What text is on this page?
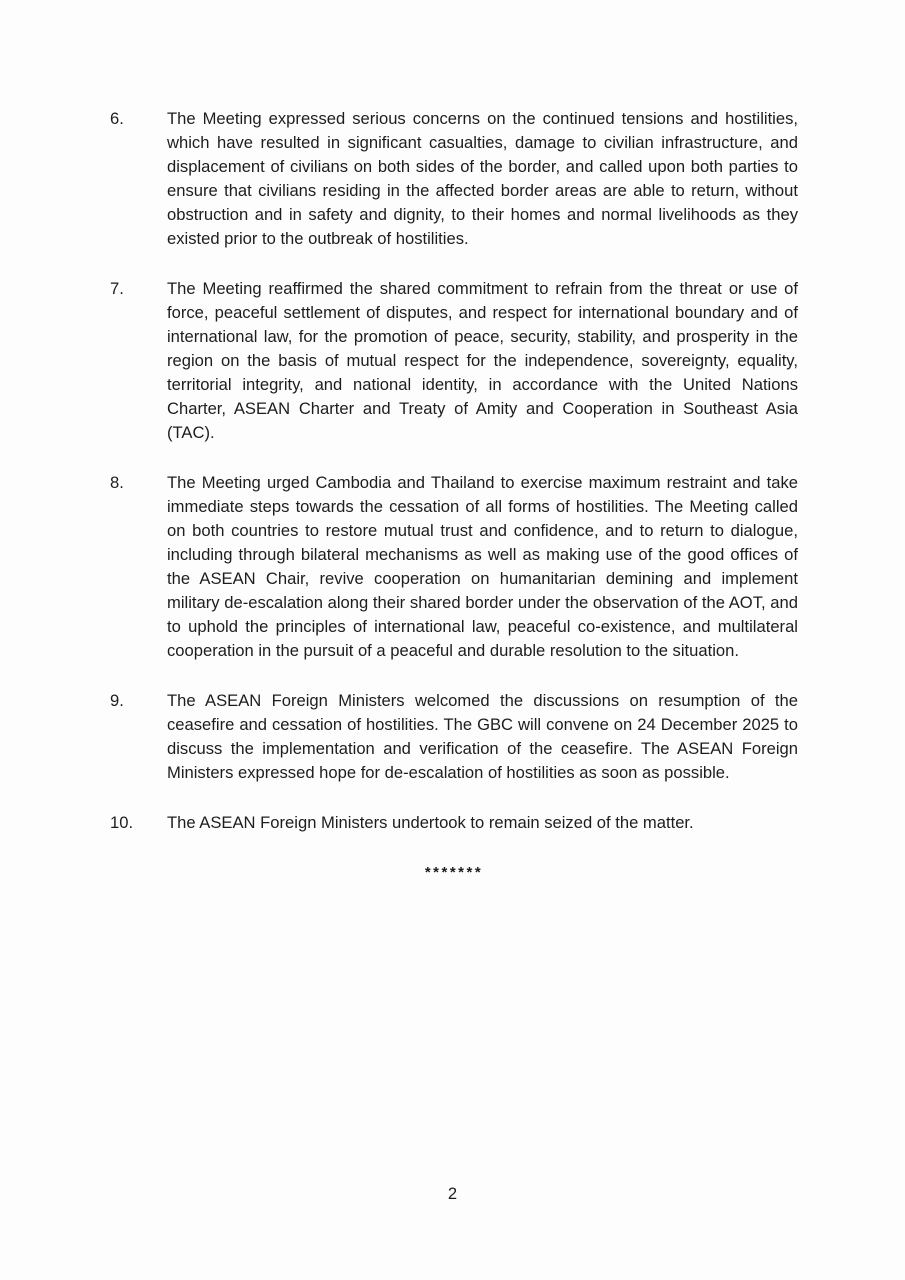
6.	The Meeting expressed serious concerns on the continued tensions and hostilities, which have resulted in significant casualties, damage to civilian infrastructure, and displacement of civilians on both sides of the border, and called upon both parties to ensure that civilians residing in the affected border areas are able to return, without obstruction and in safety and dignity, to their homes and normal livelihoods as they existed prior to the outbreak of hostilities.
7.	The Meeting reaffirmed the shared commitment to refrain from the threat or use of force, peaceful settlement of disputes, and respect for international boundary and of international law, for the promotion of peace, security, stability, and prosperity in the region on the basis of mutual respect for the independence, sovereignty, equality, territorial integrity, and national identity, in accordance with the United Nations Charter, ASEAN Charter and Treaty of Amity and Cooperation in Southeast Asia (TAC).
8.	The Meeting urged Cambodia and Thailand to exercise maximum restraint and take immediate steps towards the cessation of all forms of hostilities. The Meeting called on both countries to restore mutual trust and confidence, and to return to dialogue, including through bilateral mechanisms as well as making use of the good offices of the ASEAN Chair, revive cooperation on humanitarian demining and implement military de-escalation along their shared border under the observation of the AOT, and to uphold the principles of international law, peaceful co-existence, and multilateral cooperation in the pursuit of a peaceful and durable resolution to the situation.
9.	The ASEAN Foreign Ministers welcomed the discussions on resumption of the ceasefire and cessation of hostilities. The GBC will convene on 24 December 2025 to discuss the implementation and verification of the ceasefire. The ASEAN Foreign Ministers expressed hope for de-escalation of hostilities as soon as possible.
10.	The ASEAN Foreign Ministers undertook to remain seized of the matter.
*******
2
